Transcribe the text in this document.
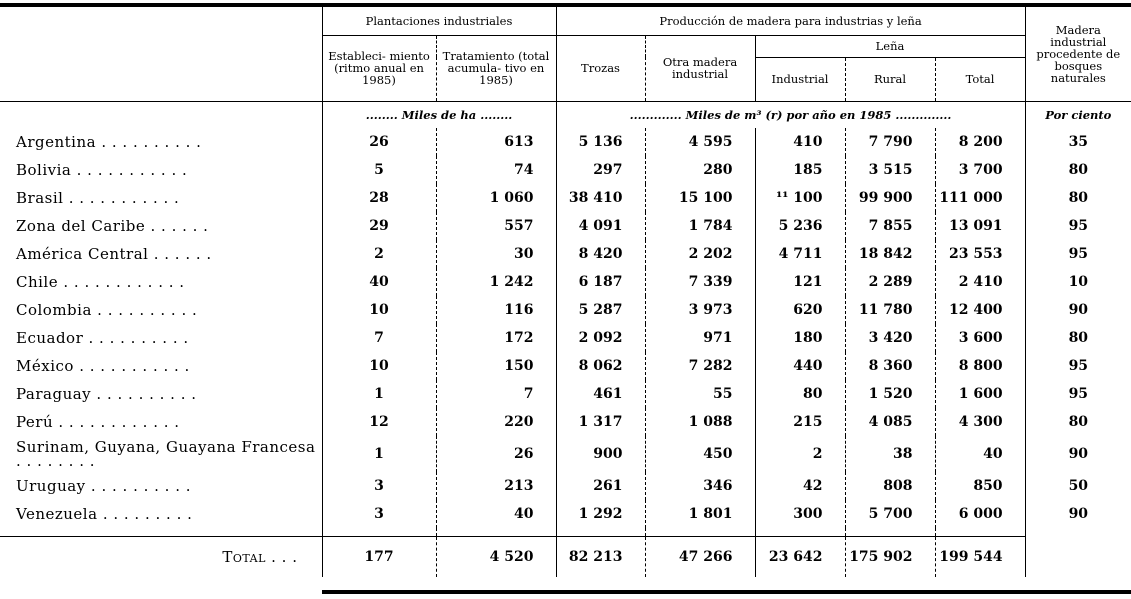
	Plantaciones industriales		Producción de madera para industrias y leña					Madera industrial procedente de bosques naturales
	Estableci- miento (ritmo anual en 1985)	Tratamiento (total acumula- tivo en 1985)	Trozas	Otra madera industrial	Leña			
					Industrial	Rural	Total	
	........ Miles de ha ........		............. Miles de m³ (r) por año en 1985 ..............					Por ciento
Argentina . . . . . . . . . .	26	613	5 136	4 595	410	7 790	8 200	35
Bolivia . . . . . . . . . . .	5	74	297	280	185	3 515	3 700	80
Brasil . . . . . . . . . . .	28	1 060	38 410	15 100	¹¹ 100	99 900	111 000	80
Zona del Caribe . . . . . .	29	557	4 091	1 784	5 236	7 855	13 091	95
América Central . . . . . .	2	30	8 420	2 202	4 711	18 842	23 553	95
Chile . . . . . . . . . . . .	40	1 242	6 187	7 339	121	2 289	2 410	10
Colombia . . . . . . . . . .	10	116	5 287	3 973	620	11 780	12 400	90
Ecuador . . . . . . . . . .	7	172	2 092	971	180	3 420	3 600	80
México . . . . . . . . . . .	10	150	8 062	7 282	440	8 360	8 800	95
Paraguay . . . . . . . . . .	1	7	461	55	80	1 520	1 600	95
Perú . . . . . . . . . . . .	12	220	1 317	1 088	215	4 085	4 300	80
Surinam, Guyana, Guayana Francesa . . . . . . . .	1	26	900	450	2	38	40	90
Uruguay . . . . . . . . . .	3	213	261	346	42	808	850	50
Venezuela . . . . . . . . .	3	40	1 292	1 801	300	5 700	6 000	90

Total . . .	177	4 520	82 213	47 266	23 642	175 902	199 544	
